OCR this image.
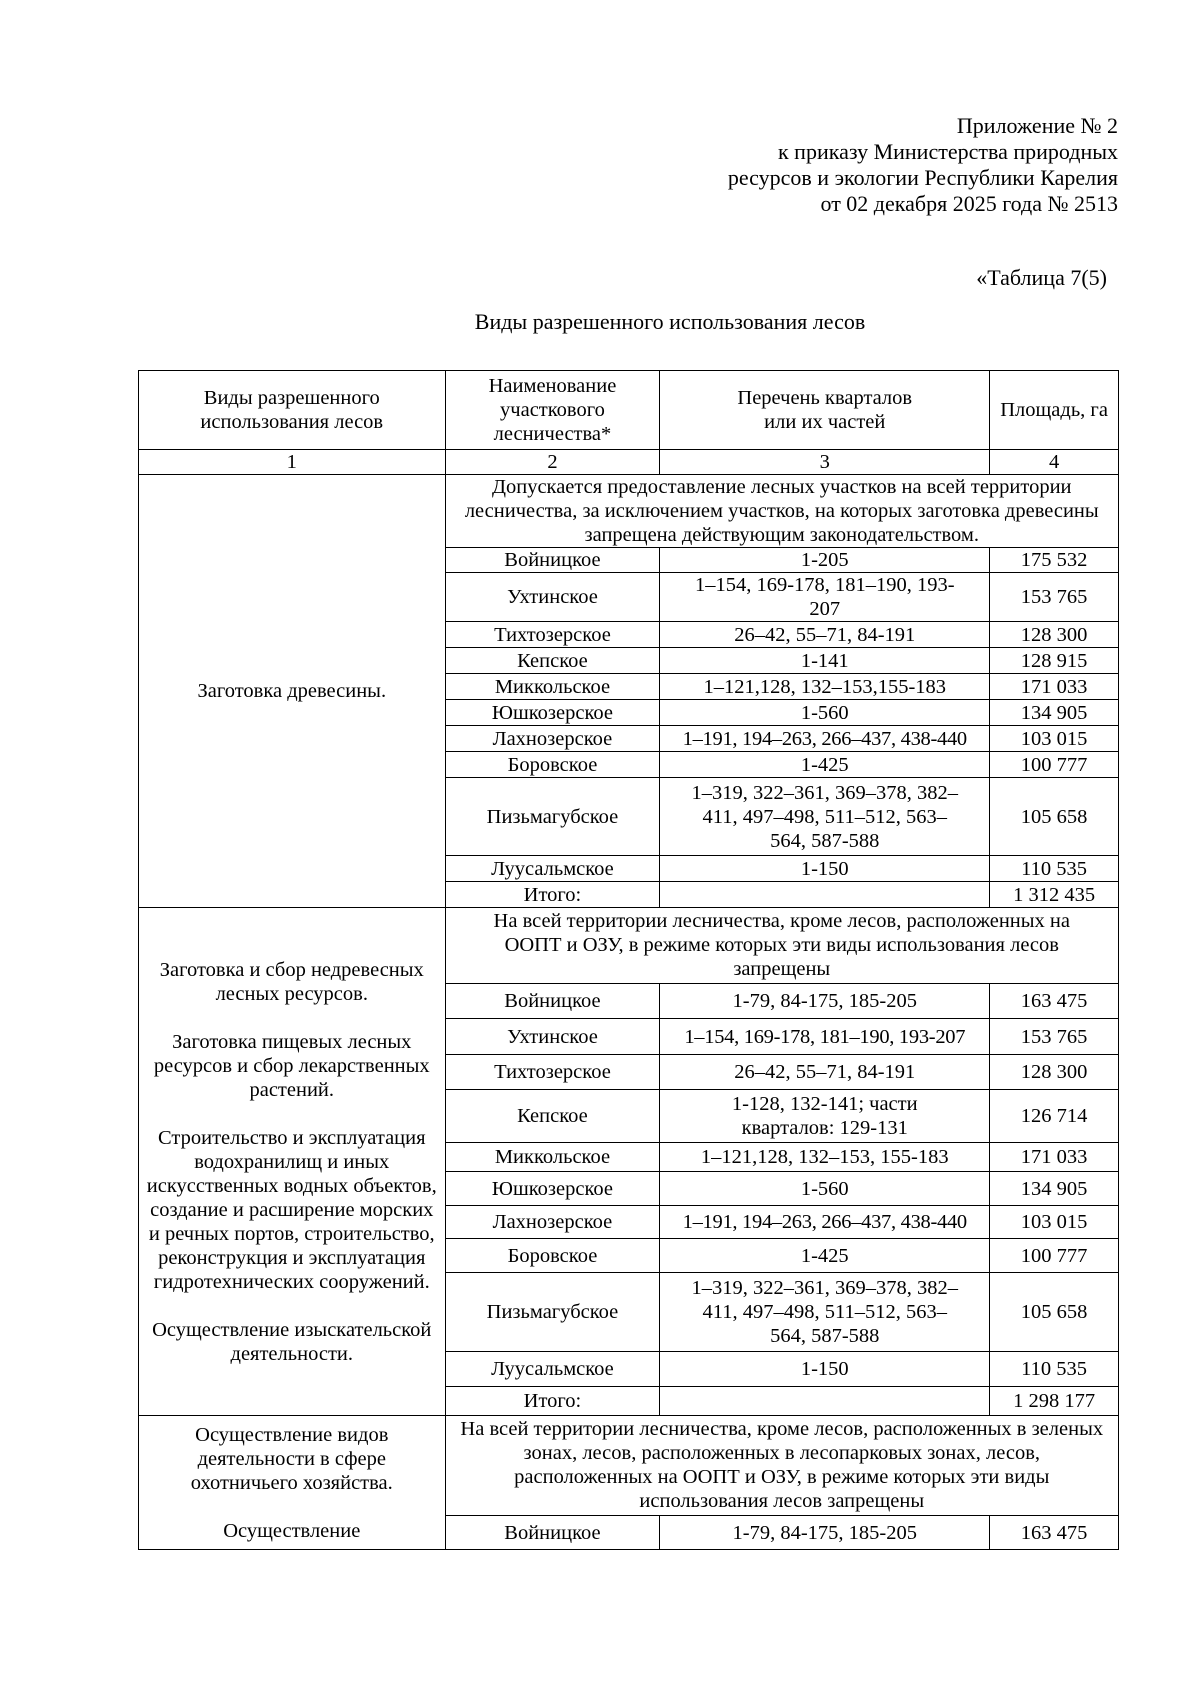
Приложение № 2
к приказу Министерства природных
ресурсов и экологии Республики Карелия
от 02 декабря 2025 года № 2513
«Таблица 7(5)
Виды разрешенного использования лесов
Виды разрешенного использования лесов	Наименование участкового лесничества*	Перечень кварталов или их частей	Площадь, га
1	2	3	4

Заготовка древесины.	Допускается предоставление лесных участков на всей территории лесничества, за исключением участков, на которых заготовка древесины запрещена действующим законодательством.		
	Войницкое	1-205	175 532
	Ухтинское	1–154, 169-178, 181–190, 193-207	153 765
	Тихтозерское	26–42, 55–71, 84-191	128 300
	Кепское	1-141	128 915
	Миккольское	1–121,128, 132–153,155-183	171 033
	Юшкозерское	1-560	134 905
	Лахнозерское	1–191, 194–263, 266–437, 438-440	103 015
	Боровское	1-425	100 777
	Пизьмагубское	1–319, 322–361, 369–378, 382–411, 497–498, 511–512, 563–564, 587-588	105 658
	Луусальмское	1-150	110 535
	Итого:		1 312 435

Заготовка и сбор недревесных лесных ресурсов.

Заготовка пищевых лесных ресурсов и сбор лекарственных растений.

Строительство и эксплуатация водохранилищ и иных искусственных водных объектов, создание и расширение морских и речных портов, строительство, реконструкция и эксплуатация гидротехнических сооружений.

Осуществление изыскательской деятельности.	На всей территории лесничества, кроме лесов, расположенных на ООПТ и ОЗУ, в режиме которых эти виды использования лесов запрещены		
	Войницкое	1-79, 84-175, 185-205	163 475
	Ухтинское	1–154, 169-178, 181–190, 193-207	153 765
	Тихтозерское	26–42, 55–71, 84-191	128 300
	Кепское	1-128, 132-141; части кварталов: 129-131	126 714
	Миккольское	1–121,128, 132–153, 155-183	171 033
	Юшкозерское	1-560	134 905
	Лахнозерское	1–191, 194–263, 266–437, 438-440	103 015
	Боровское	1-425	100 777
	Пизьмагубское	1–319, 322–361, 369–378, 382–411, 497–498, 511–512, 563–564, 587-588	105 658
	Луусальмское	1-150	110 535
	Итого:		1 298 177

Осуществление видов деятельности в сфере охотничьего хозяйства.

Осуществление	На всей территории лесничества, кроме лесов, расположенных в зеленых зонах, лесов, расположенных в лесопарковых зонах, лесов, расположенных на ООПТ и ОЗУ, в режиме которых эти виды использования лесов запрещены		
	Войницкое	1-79, 84-175, 185-205	163 475
